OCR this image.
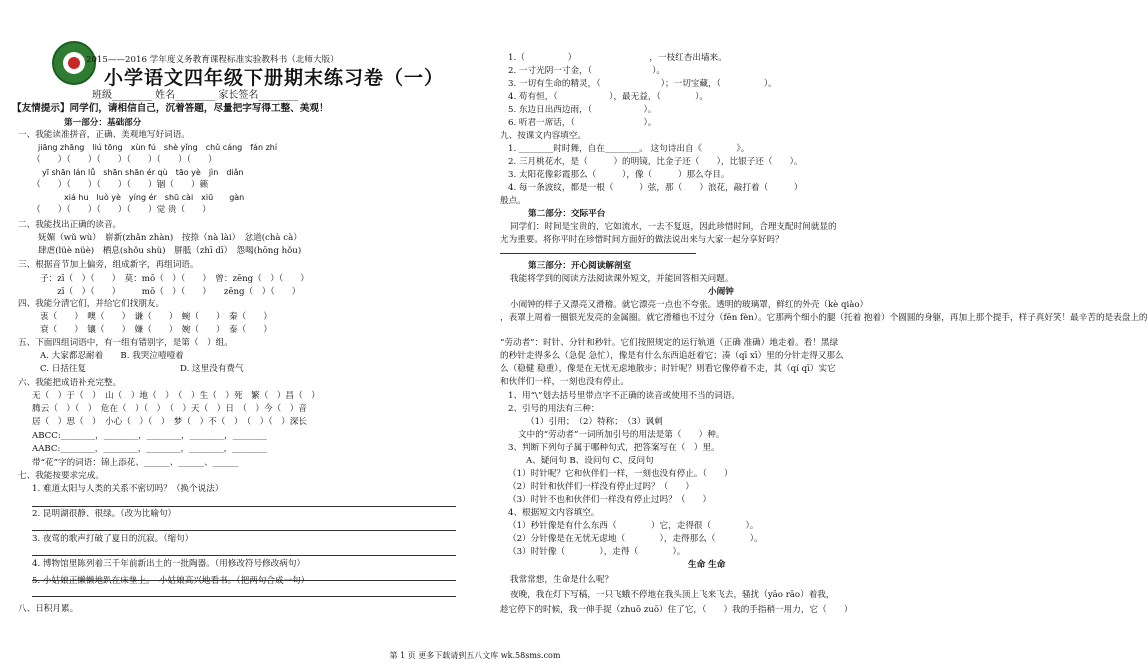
2015——2016 学年度义务教育课程标准实验教科书（北师大版）
小学语文四年级下册期末练习卷（一）
班级________ 姓名________ 家长签名________
【友情提示】同学们，请相信自己，沉着答题，尽量把字写得工整、美观！
第一部分：基础部分
一、我能读准拼音，正确、美观地写好词语。
jiāng zhāng　liú tōng　xùn fú　shè yǐng　chǔ cáng　fán zhí
（　　）（　　）（　　）（　　）（　　）（　　）
yī shān lán lǚ　shān shān ér qù　tāo yè　jìn　diǎn
（　　）（　　）（　　）（　　）锢（　　）籁
xiá hu　luò yè　yíng ér　shū cài　xiū　　gàn
（　　）（　　）（　　）（　　）觉 贵（　　）
二、我能找出正确的读音。
妩媚（wǔ wù）　崭新(zhǎn zhàn)　按捺（nà lài）　忿道(chà cà）
肆虐(lüè nüè)　栖息(shǒu shù)　胼胝（zhī dī）　怨喝(hōng hǒu)
三、根据音节加上偏旁，组成新字，再组词语。
子：zī（　）（　　）　莫：mō（　）（　　）　曾：zēng（　）（　　）
　　zī（　）（　　）　　　mō（　）（　　）　　zēng（　）（　　）
四、我能分清它们，并给它们找朋友。
衷（　　）　噢（　　）　谦（　　）　蜿（　　）　秦（　　）
衰（　　）　镶（　　）　嫌（　　）　婉（　　）　泰（　　）
五、下面四组词语中，有一组有错别字，是第（　）组。
A. 大家都忍耐着　　B. 我哭泣噎噎着
C. 日括往复	D. 这里没有费气
六、我能把成语补充完整。
无（　）于（　）　山（　）地（　）　（　）生（　）死　繁（　）昌（　）
腾云（　）（　）　危在（　）（　）　（　）天（　）日　（　）今（　）音
居（　）思（　）　小心（　）（　）　梦（　）不（　）　（　）（　）深长
ABCC:________，________，________，________，________
AABC:________，________，________，________，________
带“花”字的词语：锦上添花、______、______、______
七、我能按要求完成。
1. 难道太阳与人类的关系不密切吗？（换个说法）
2. 昆明湖很静、很绿。（改为比喻句）
3. 夜莺的歌声打破了夏日的沉寂。（缩句）
4. 博物馆里陈列着三千年前新出土的一批陶器。（用修改符号修改病句）
5. 小姑娘正懒懒地趴在床垫上。　小姑娘高兴地看书。（把两句合成一句）
八、日积月累。
1.（　　　　　）　　　　　　　　　，一枝红杏出墙来。
2. 一寸光阴一寸金，（　　　　　　　）。
3. 一切有生命的精灵，（　　　　　　　）；一切宝藏，（　　　　　）。
4. 苟有恒，（　　　　　　），最无益，（　　　　）。
5. 东边日出西边雨，（　　　　　　）。
6. 听君一席话，（　　　　　　　　）。
九、按课文内容填空。
1. ________时时舞，自在________。 这句诗出自《　　　　》。
2. 三月桃花水，是（　　　）的明镜，比金子还（　　），比银子还（　　）。
3. 太阳花像彩霞那么（　　　），像（　　　）那么夺目。
4. 每一条波纹，都是一根（　　　）弦，那（　　）浪花，敲打着（　　　）
般点。
第二部分：交际平台
同学们：时间是宝贵的，它如流水，一去不复返，因此珍惜时间，合理支配时间就显的
尤为重要。将你平时在珍惜时间方面好的做法说出来与大家一起分享好吗？
第三部分：开心阅读解剖室
我能将学到的阅读方法阅读课外短文，并能回答相关问题。
小闹钟
小闹钟的样子又漂亮又滑稽。就它漂亮一点也不夸张。透明的玻璃罩，鲜红的外壳（kè qiào）
，表罩上周着一圈银光发亮的金属圈。就它滑稽也不过分（fēn fèn）。它那两个细小的腿（托着 抱着）个圆圆的身躯，再加上那个提手，样子真好笑！最辛苦的是表盘上的
“劳动者”：时针、分针和秒针。它们按照规定的运行轨道（正确 准确）地走着。看！黑绿
的秒针走得多么（急促 急忙），像是有什么东西追赶着它；凑（qī xī）里的分针走得又那么
么（稳健 稳重），像是在无忧无虑地散步；时针呢？则看它像停着不走，其（qí qī）实它
和伙伴们一样，一刻也没有停止。
1、用“\”划去括号里带点字不正确的读音或使用不当的词语。
2、引号的用法有三种：
（1）引用；　（2）特称；　（3）讽刺
文中的“劳动者”一词所加引号的用法是第（　　）种。
3、判断下列句子属于哪种句式，把答案写在（　）里。
A、疑问句 B、设问句 C、反问句
（1）时针呢？它和伙伴们一样，一刻也没有停止。（　　）
（2）时针和伙伴们一样没有停止过吗？（　　）
（3）时针不也和伙伴们一样没有停止过吗？（　　）
4、根据短文内容填空。
（1）秒针像是有什么东西（　　　　）它，走得很（　　　　）。
（2）分针像是在无忧无虑地（　　　　），走得那么（　　　　）。
（3）时针像（　　　　），走得（　　　　）。
生命 生命
我常常想，生命是什么呢？
夜晚，我在灯下写稿，一只飞蛾不停地在我头顶上飞来飞去，骚扰（yāo rāo）着我，
趁它停下的时候，我一伸手捉（zhuō zuō）住了它，（　　）我的手指稍一用力，它（　　）
第 1 页 更多下载请到五八文库 wk.58sms.com
